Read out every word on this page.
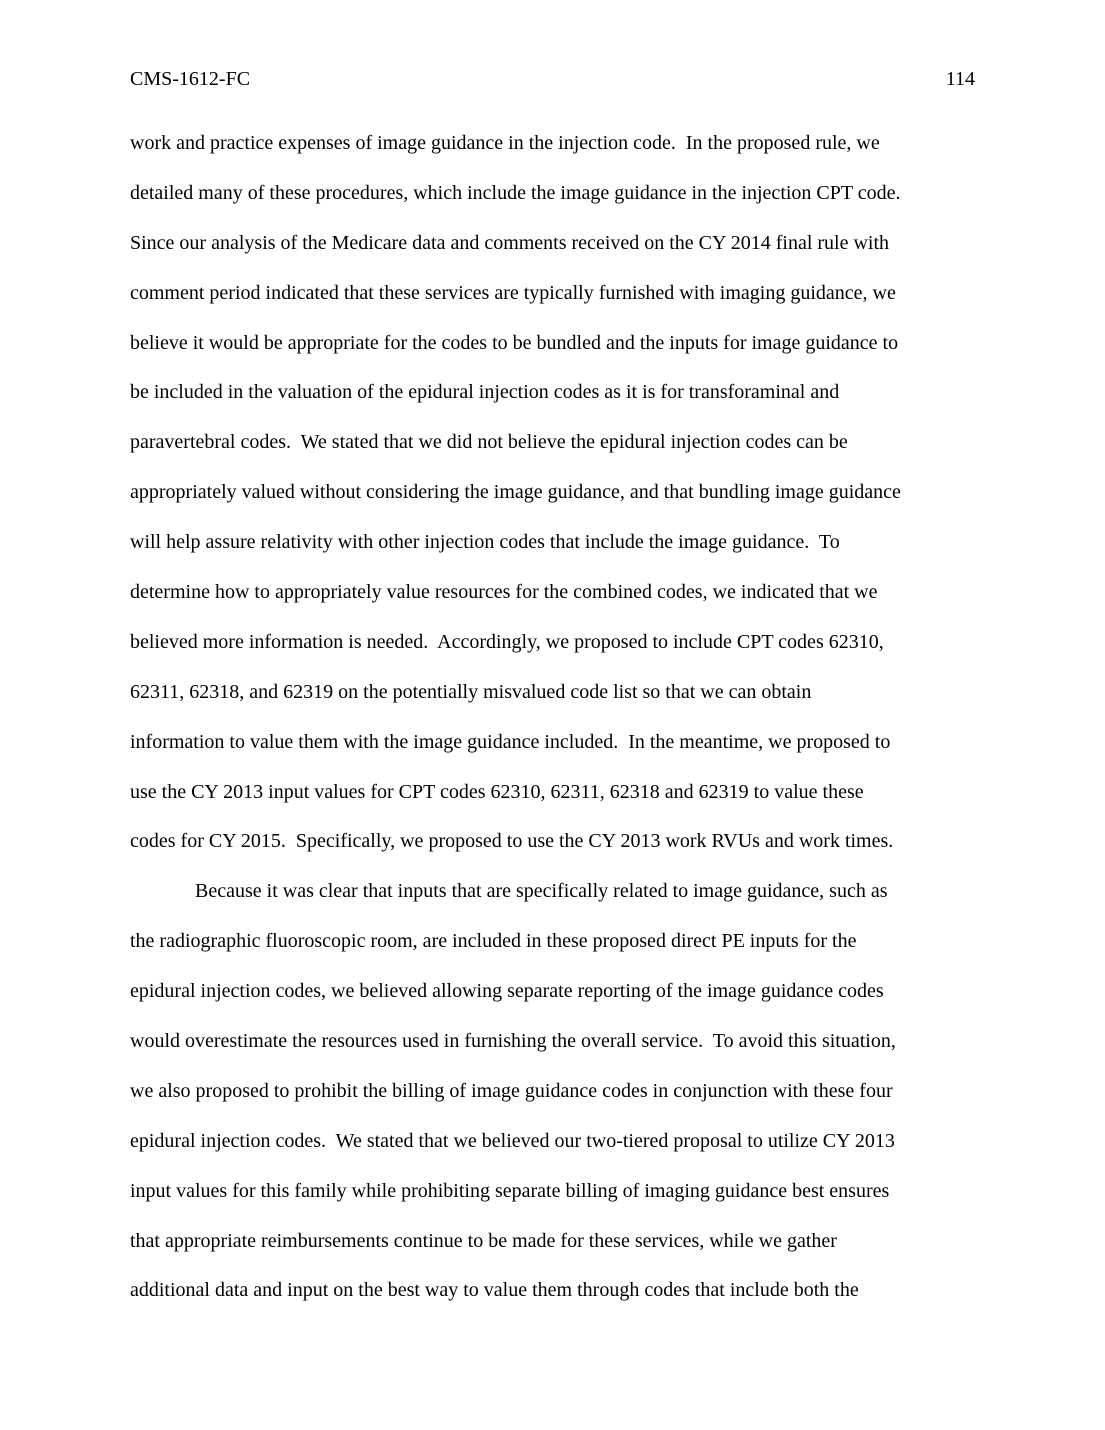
CMS-1612-FC	114
work and practice expenses of image guidance in the injection code.  In the proposed rule, we
detailed many of these procedures, which include the image guidance in the injection CPT code.
Since our analysis of the Medicare data and comments received on the CY 2014 final rule with
comment period indicated that these services are typically furnished with imaging guidance, we
believe it would be appropriate for the codes to be bundled and the inputs for image guidance to
be included in the valuation of the epidural injection codes as it is for transforaminal and
paravertebral codes.  We stated that we did not believe the epidural injection codes can be
appropriately valued without considering the image guidance, and that bundling image guidance
will help assure relativity with other injection codes that include the image guidance.  To
determine how to appropriately value resources for the combined codes, we indicated that we
believed more information is needed.  Accordingly, we proposed to include CPT codes 62310,
62311, 62318, and 62319 on the potentially misvalued code list so that we can obtain
information to value them with the image guidance included.  In the meantime, we proposed to
use the CY 2013 input values for CPT codes 62310, 62311, 62318 and 62319 to value these
codes for CY 2015.  Specifically, we proposed to use the CY 2013 work RVUs and work times.
Because it was clear that inputs that are specifically related to image guidance, such as
the radiographic fluoroscopic room, are included in these proposed direct PE inputs for the
epidural injection codes, we believed allowing separate reporting of the image guidance codes
would overestimate the resources used in furnishing the overall service.  To avoid this situation,
we also proposed to prohibit the billing of image guidance codes in conjunction with these four
epidural injection codes.  We stated that we believed our two-tiered proposal to utilize CY 2013
input values for this family while prohibiting separate billing of imaging guidance best ensures
that appropriate reimbursements continue to be made for these services, while we gather
additional data and input on the best way to value them through codes that include both the
